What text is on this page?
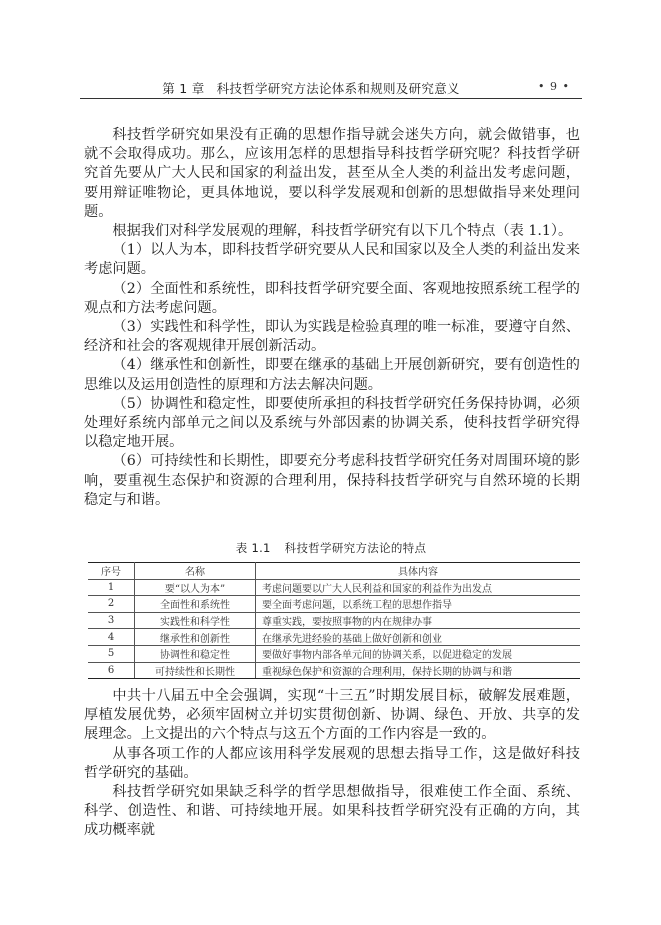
第 1 章 科技哲学研究方法论体系和规则及研究意义	• 9 •

科技哲学研究如果没有正确的思想作指导就会迷失方向，就会做错事，也就不会取得成功。那么，应该用怎样的思想指导科技哲学研究呢？科技哲学研究首先要从广大人民和国家的利益出发，甚至从全人类的利益出发考虑问题，要用辩证唯物论，更具体地说，要以科学发展观和创新的思想做指导来处理问题。

根据我们对科学发展观的理解，科技哲学研究有以下几个特点（表 1.1）。

（1）以人为本，即科技哲学研究要从人民和国家以及全人类的利益出发来考虑问题。

（2）全面性和系统性，即科技哲学研究要全面、客观地按照系统工程学的观点和方法考虑问题。

（3）实践性和科学性，即认为实践是检验真理的唯一标准，要遵守自然、经济和社会的客观规律开展创新活动。

（4）继承性和创新性，即要在继承的基础上开展创新研究，要有创造性的思维以及运用创造性的原理和方法去解决问题。

（5）协调性和稳定性，即要使所承担的科技哲学研究任务保持协调，必须处理好系统内部单元之间以及系统与外部因素的协调关系，使科技哲学研究得以稳定地开展。

（6）可持续性和长期性，即要充分考虑科技哲学研究任务对周围环境的影响，要重视生态保护和资源的合理利用，保持科技哲学研究与自然环境的长期稳定与和谐。

表 1.1 科技哲学研究方法论的特点
序号	名称	具体内容
1	要“以人为本”	考虑问题要以广大人民利益和国家的利益作为出发点
2	全面性和系统性	要全面考虑问题，以系统工程的思想作指导
3	实践性和科学性	尊重实践，要按照事物的内在规律办事
4	继承性和创新性	在继承先进经验的基础上做好创新和创业
5	协调性和稳定性	要做好事物内部各单元间的协调关系，以促进稳定的发展
6	可持续性和长期性	重视绿色保护和资源的合理利用，保持长期的协调与和谐

中共十八届五中全会强调，实现“十三五”时期发展目标，破解发展难题，厚植发展优势，必须牢固树立并切实贯彻创新、协调、绿色、开放、共享的发展理念。上文提出的六个特点与这五个方面的工作内容是一致的。

从事各项工作的人都应该用科学发展观的思想去指导工作，这是做好科技哲学研究的基础。

科技哲学研究如果缺乏科学的哲学思想做指导，很难使工作全面、系统、科学、创造性、和谐、可持续地开展。如果科技哲学研究没有正确的方向，其成功概率就
